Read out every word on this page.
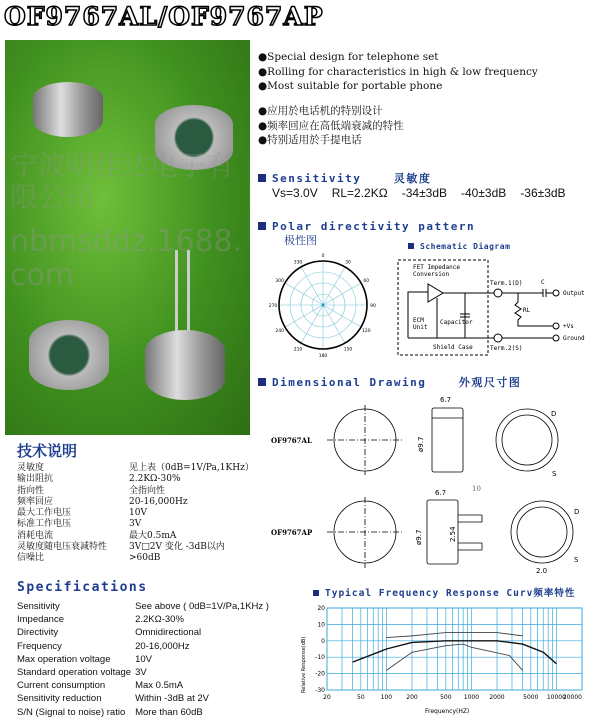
OF9767AL/OF9767AP
宁波明佳达电子有限公司
nbmsddz.1688.com
● Special design for telephone set
● Rolling for characteristics in high & low frequency
● Most suitable for portable phone
● 应用於电话机的特别设计
● 频率回应在高低端衰减的特性
● 特别适用於手提电话
Sensitivity	灵敏度
Vs=3.0V RL=2.2KΩ -34±3dB -40±3dB -36±3dB
Polar directivity pattern
极性图
0
30
60
90
120
150
180
210
240
270
300
330
Schematic Diagram
FET Impedance
Conversion
ECM
Unit
Capacitor
Shield Case
Term.1(D)
Term.2(S)
C
Output
RL
+Vs
Ground
Dimensional Drawing	外观尺寸图
OF9767AL
OF9767AP
6.7
6.7	10
ø9.7
ø9.7	2.54
2.0
D
S
D
S
技术说明
灵敏度	见上表（0dB=1V/Pa,1KHz）
输出阻抗	2.2KΩ-30%
指向性	全指向性
频率回应	20-16,000Hz
最大工作电压	10V
标准工作电压	3V
消耗电流	最大0.5mA
灵敏度随电压衰减特性	3V□2V 变化 -3dB以内
信噪比	>60dB
Specifications
Sensitivity	See above ( 0dB=1V/Pa,1KHz )
Impedance	2.2KΩ-30%
Directivity	Omnidirectional
Frequency	20-16,000Hz
Max operation voltage	10V
Standard operation voltage	3V
Current consumption	Max 0.5mA
Sensitivity reduction	Within -3dB at 2V
S/N (Signal to noise) ratio	More than 60dB
Typical Frequency Response Curv频率特性
20
10
0
-10
-20
-30
20	50	100 200	500 1000 2000	5000 10000
20000
Relative Response(dB)
Frequency(HZ)
